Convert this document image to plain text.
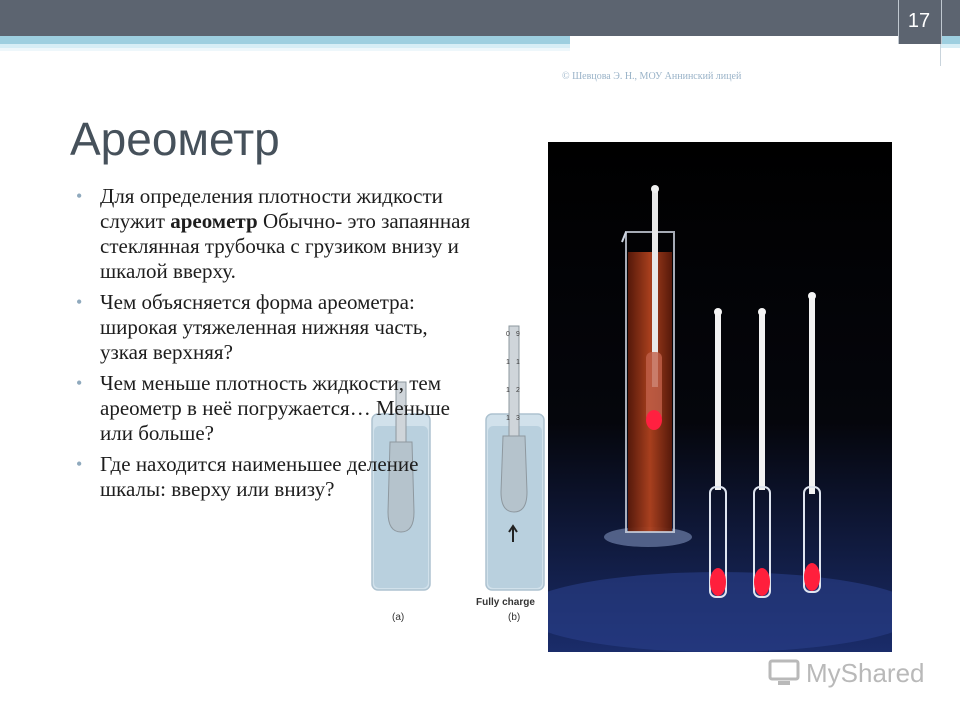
17
© Шевцова Э. Н., МОУ Аннинский лицей
Ареометр
0 9
1 1
1 2
1 3
(a)	(b)
Fully charge
• Для определения плотности жидкости служит ареометр Обычно- это запаянная стеклянная трубочка с грузиком внизу и шкалой вверху.
• Чем объясняется форма ареометра: широкая утяжеленная нижняя часть, узкая верхняя?
• Чем меньше плотность жидкости, тем ареометр в неё погружается… Меньше или больше?
• Где находится наименьшее деление шкалы: вверху или внизу?
MyShared
